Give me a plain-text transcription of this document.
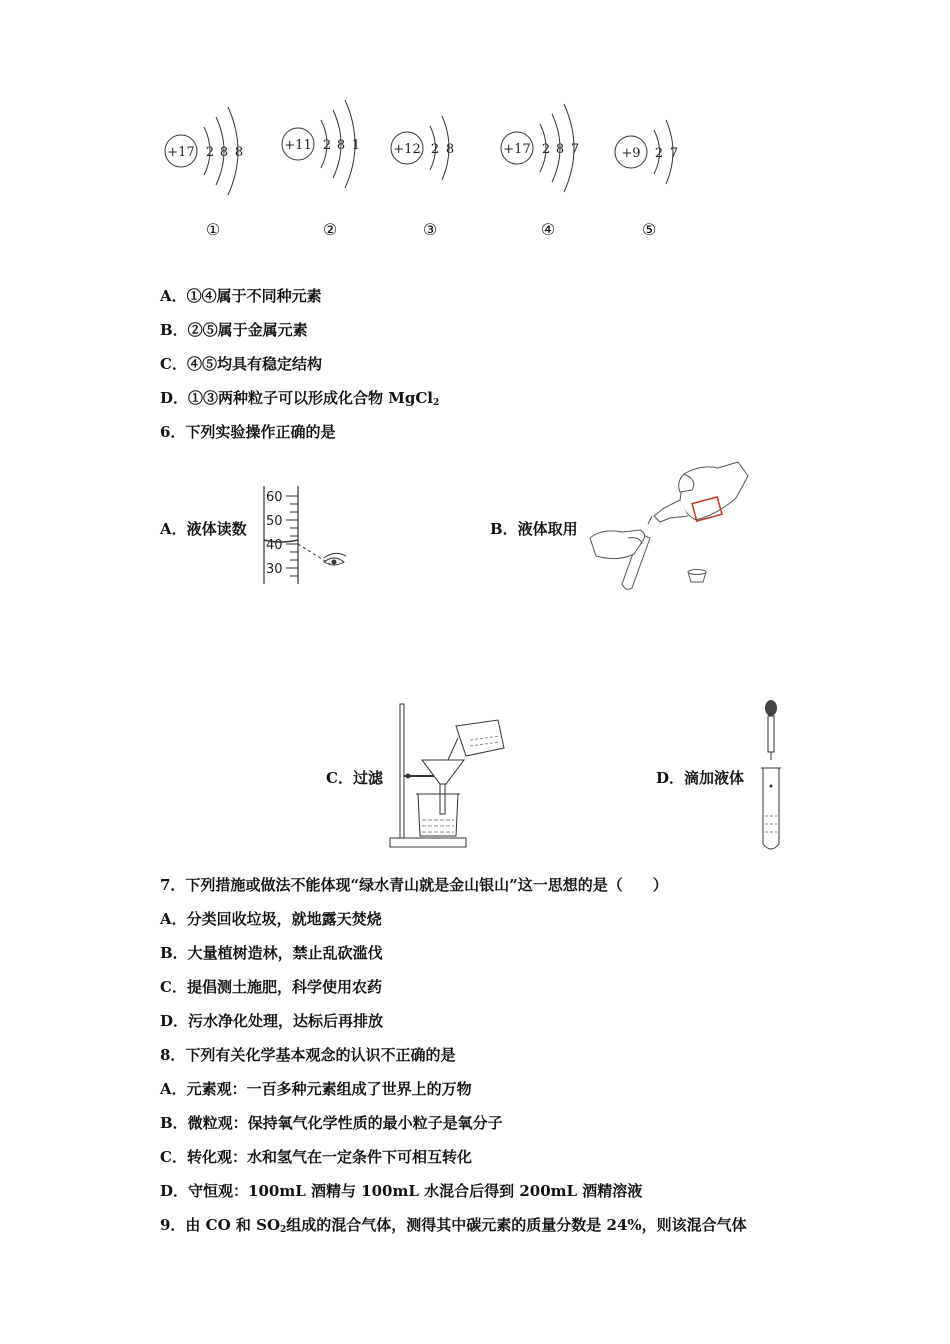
+17 2 8 8	+11 2 8 1	+12 2 8	+17 2 8 7	+9 2 7
①	②	③	④	⑤
A．①④属于不同种元素
B．②⑤属于金属元素
C．④⑤均具有稳定结构
D．①③两种粒子可以形成化合物 MgCl$_2$
6．下列实验操作正确的是
A．液体读数
60
50
40
30
B．液体取用
C．过滤	D．滴加液体
7．下列措施或做法不能体现“绿水青山就是金山银山”这一思想的是（　　）
A．分类回收垃圾，就地露天焚烧
B．大量植树造林，禁止乱砍滥伐
C．提倡测土施肥，科学使用农药
D．污水净化处理，达标后再排放
8．下列有关化学基本观念的认识不正确的是
A．元素观：一百多种元素组成了世界上的万物
B．微粒观：保持氧气化学性质的最小粒子是氧分子
C．转化观：水和氢气在一定条件下可相互转化
D．守恒观：100mL 酒精与 100mL 水混合后得到 200mL 酒精溶液
9．由 CO 和 $SO_2$组成的混合气体，测得其中碳元素的质量分数是 24%，则该混合气体
